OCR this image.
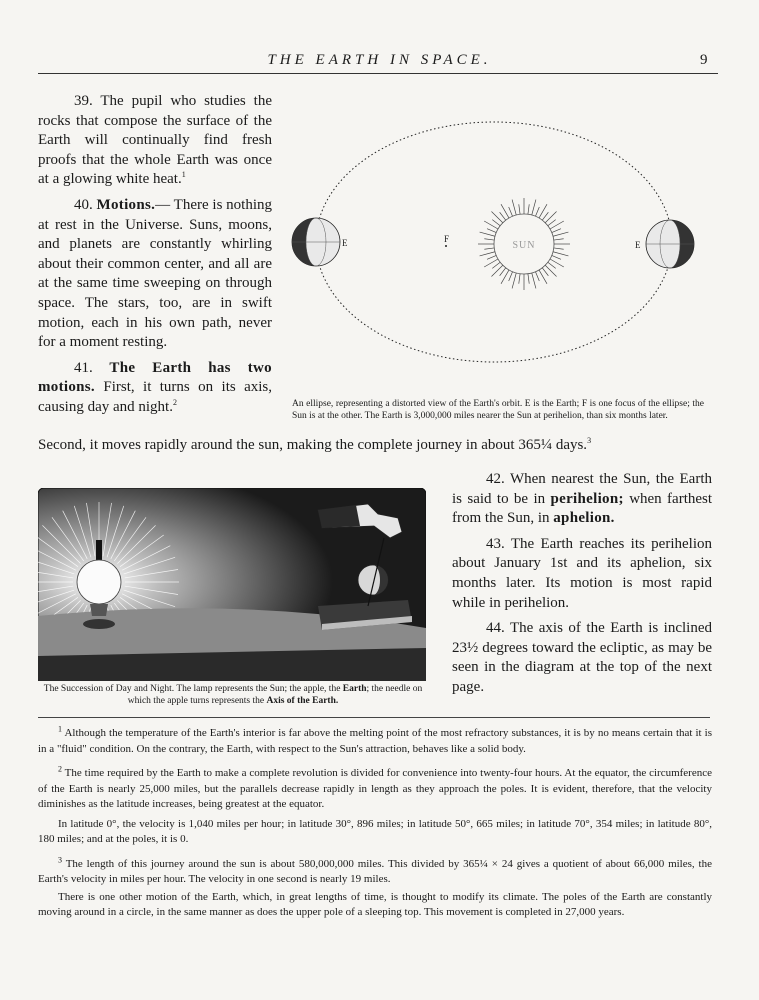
THE EARTH IN SPACE.	9

39. The pupil who studies the rocks that compose the surface of the Earth will continually find fresh proofs that the whole Earth was once at a glowing white heat.$^1$

40. Motions.— There is nothing at rest in the Universe. Suns, moons, and planets are constantly whirling about their common center, and all are at the same time sweeping on through space. The stars, too, are in swift motion, each in his own path, never for a moment resting.

41. The Earth has two motions. First, it turns on its axis, causing day and night.$^2$

Second, it moves rapidly around the sun, making the complete journey in about 365¼ days.$^3$

SUN
F
E	E
An ellipse, representing a distorted view of the Earth's orbit. E is the Earth; F is one focus of the ellipse; the Sun is at the other. The Earth is 3,000,000 miles nearer the Sun at perihelion, than six months later.
The Succession of Day and Night. The lamp represents the Sun; the apple, the Earth; the needle on which the apple turns represents the Axis of the Earth.

42. When nearest the Sun, the Earth is said to be in perihelion; when farthest from the Sun, in aphelion.

43. The Earth reaches its perihelion about January 1st and its aphelion, six months later. Its motion is most rapid while in perihelion.

44. The axis of the Earth is inclined 23½ degrees toward the ecliptic, as may be seen in the diagram at the top of the next page.

$^1$ Although the temperature of the Earth's interior is far above the melting point of the most refractory substances, it is by no means certain that it is in a "fluid" condition. On the contrary, the Earth, with respect to the Sun's attraction, behaves like a solid body.

$^2$ The time required by the Earth to make a complete revolution is divided for convenience into twenty-four hours. At the equator, the circumference of the Earth is nearly 25,000 miles, but the parallels decrease rapidly in length as they approach the poles. It is evident, therefore, that the velocity diminishes as the latitude increases, being greatest at the equator.

In latitude 0°, the velocity is 1,040 miles per hour; in latitude 30°, 896 miles; in latitude 50°, 665 miles; in latitude 70°, 354 miles; in latitude 80°, 180 miles; and at the poles, it is 0.

$^3$ The length of this journey around the sun is about 580,000,000 miles. This divided by 365¼ × 24 gives a quotient of about 66,000 miles, the Earth's velocity in miles per hour. The velocity in one second is nearly 19 miles.

There is one other motion of the Earth, which, in great lengths of time, is thought to modify its climate. The poles of the Earth are constantly moving around in a circle, in the same manner as does the upper pole of a sleeping top. This movement is completed in 27,000 years.
